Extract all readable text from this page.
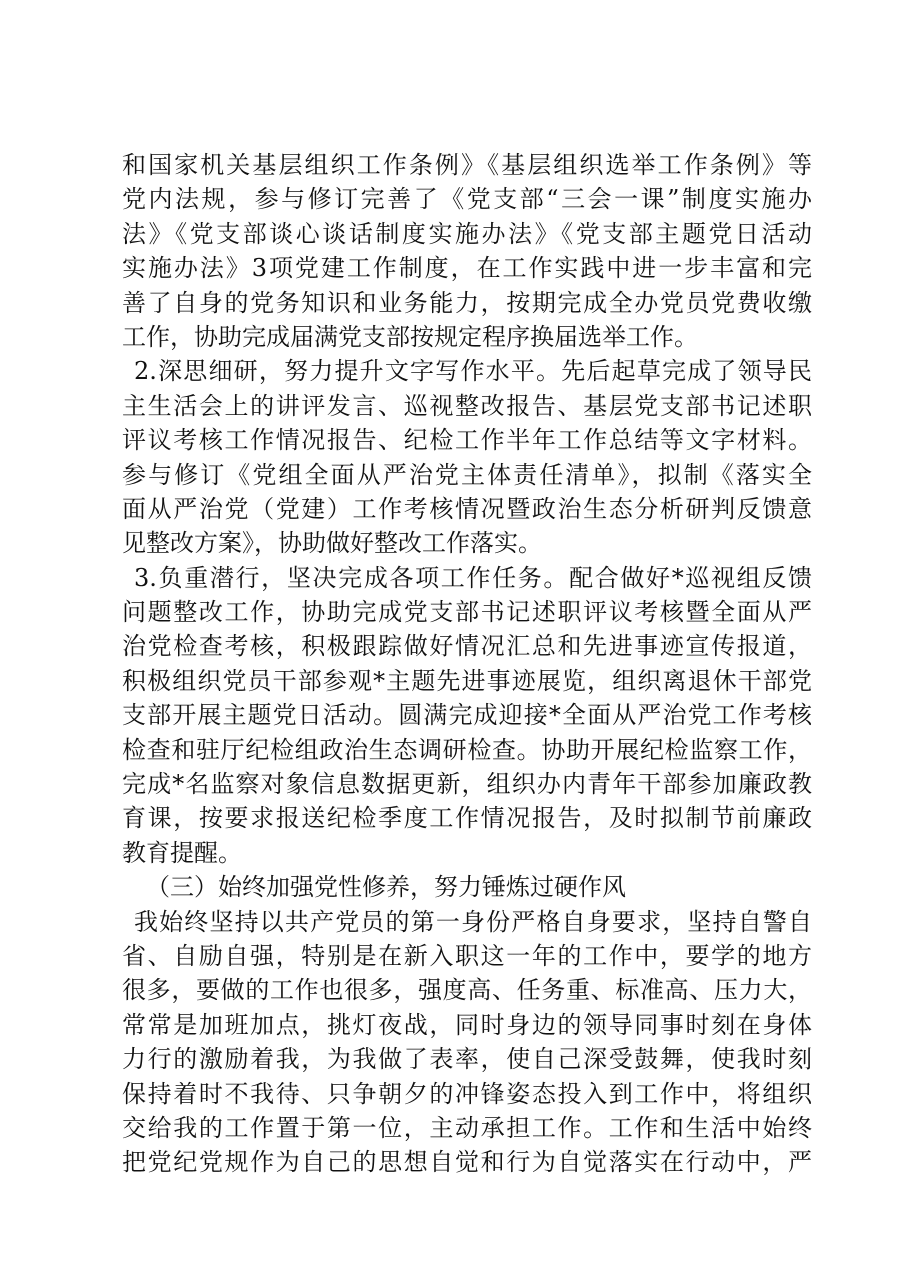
和国家机关基层组织工作条例》《基层组织选举工作条例》等
党内法规，参与修订完善了《党支部“三会一课”制度实施办
法》《党支部谈心谈话制度实施办法》《党支部主题党日活动
实施办法》3项党建工作制度，在工作实践中进一步丰富和完
善了自身的党务知识和业务能力，按期完成全办党员党费收缴
工作，协助完成届满党支部按规定程序换届选举工作。
2.深思细研，努力提升文字写作水平。先后起草完成了领导民
主生活会上的讲评发言、巡视整改报告、基层党支部书记述职
评议考核工作情况报告、纪检工作半年工作总结等文字材料。
参与修订《党组全面从严治党主体责任清单》，拟制《落实全
面从严治党（党建）工作考核情况暨政治生态分析研判反馈意
见整改方案》，协助做好整改工作落实。
3.负重潜行，坚决完成各项工作任务。配合做好*巡视组反馈
问题整改工作，协助完成党支部书记述职评议考核暨全面从严
治党检查考核，积极跟踪做好情况汇总和先进事迹宣传报道，
积极组织党员干部参观*主题先进事迹展览，组织离退休干部党
支部开展主题党日活动。圆满完成迎接*全面从严治党工作考核
检查和驻厅纪检组政治生态调研检查。协助开展纪检监察工作，
完成*名监察对象信息数据更新，组织办内青年干部参加廉政教
育课，按要求报送纪检季度工作情况报告，及时拟制节前廉政
教育提醒。
（三）始终加强党性修养，努力锤炼过硬作风
我始终坚持以共产党员的第一身份严格自身要求，坚持自警自
省、自励自强，特别是在新入职这一年的工作中，要学的地方
很多，要做的工作也很多，强度高、任务重、标准高、压力大，
常常是加班加点，挑灯夜战，同时身边的领导同事时刻在身体
力行的激励着我，为我做了表率，使自己深受鼓舞，使我时刻
保持着时不我待、只争朝夕的冲锋姿态投入到工作中，将组织
交给我的工作置于第一位，主动承担工作。工作和生活中始终
把党纪党规作为自己的思想自觉和行为自觉落实在行动中，严
